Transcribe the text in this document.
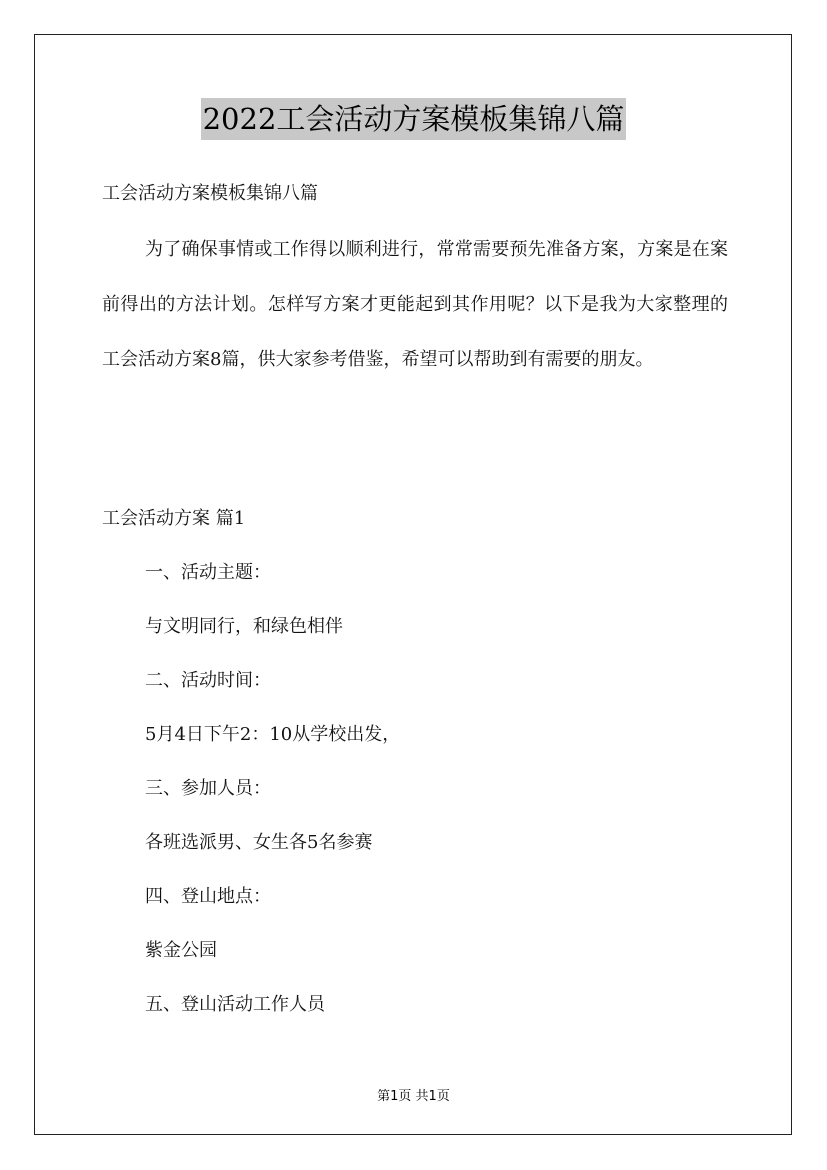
2022工会活动方案模板集锦八篇
工会活动方案模板集锦八篇
为了确保事情或工作得以顺利进行，常常需要预先准备方案，方案是在案前得出的方法计划。怎样写方案才更能起到其作用呢？以下是我为大家整理的工会活动方案8篇，供大家参考借鉴，希望可以帮助到有需要的朋友。
工会活动方案 篇1
一、活动主题：
与文明同行，和绿色相伴
二、活动时间：
5月4日下午2：10从学校出发，
三、参加人员：
各班选派男、女生各5名参赛
四、登山地点：
紫金公园
五、登山活动工作人员
第1页 共1页
